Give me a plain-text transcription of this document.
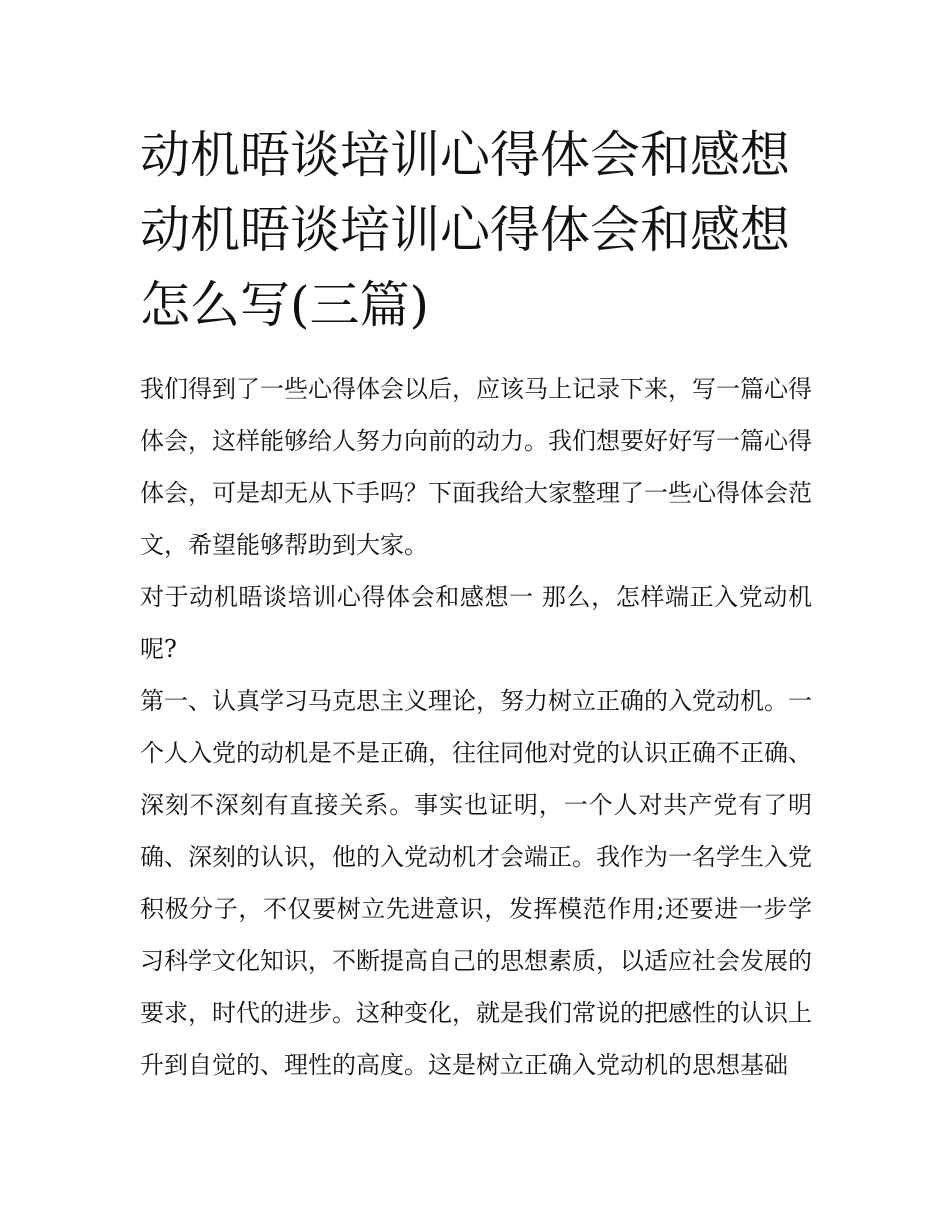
动机晤谈培训心得体会和感想
动机晤谈培训心得体会和感想
怎么写(三篇)

我们得到了一些心得体会以后，应该马上记录下来，写一篇心得体会，这样能够给人努力向前的动力。我们想要好好写一篇心得体会，可是却无从下手吗？下面我给大家整理了一些心得体会范文，希望能够帮助到大家。

对于动机晤谈培训心得体会和感想一 那么，怎样端正入党动机呢?

第一、认真学习马克思主义理论，努力树立正确的入党动机。一个人入党的动机是不是正确，往往同他对党的认识正确不正确、深刻不深刻有直接关系。事实也证明，一个人对共产党有了明确、深刻的认识，他的入党动机才会端正。我作为一名学生入党积极分子，不仅要树立先进意识，发挥模范作用;还要进一步学习科学文化知识，不断提高自己的思想素质，以适应社会发展的要求，时代的进步。这种变化，就是我们常说的把感性的认识上升到自觉的、理性的高度。这是树立正确入党动机的思想基础
